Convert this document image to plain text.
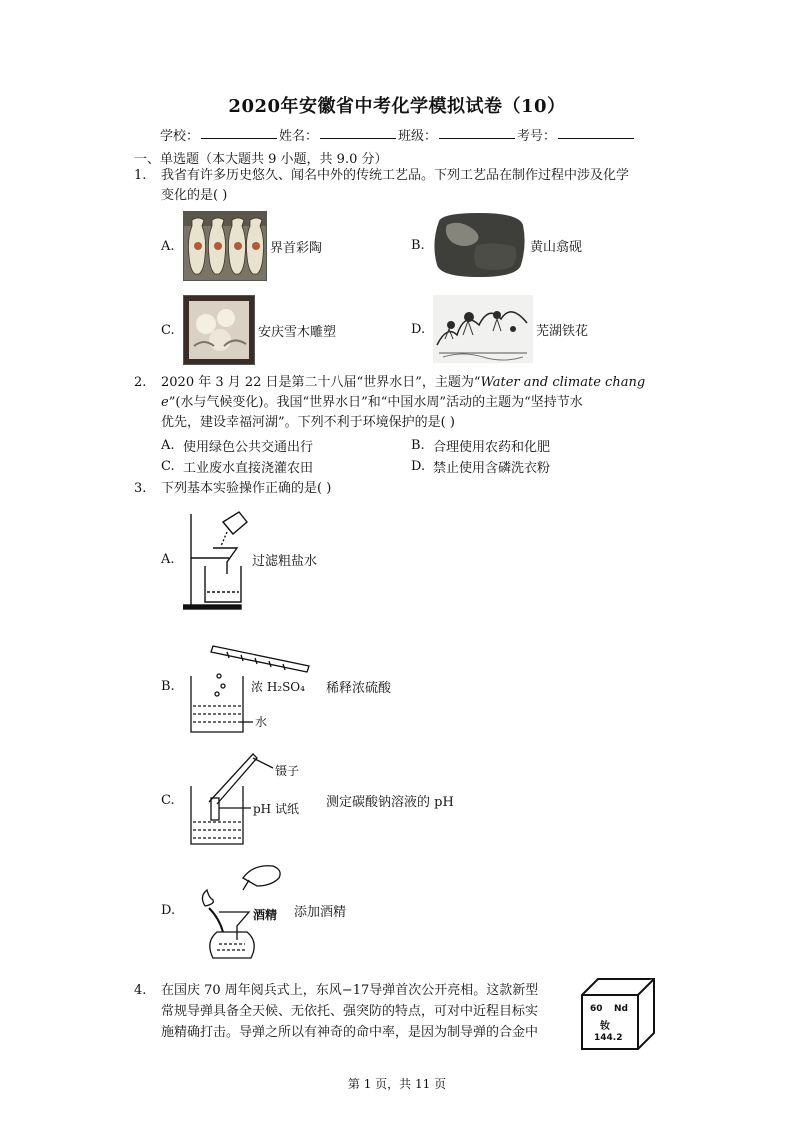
2020年安徽省中考化学模拟试卷（10）
学校：	姓名：	班级：	考号：
一、单选题（本大题共 9 小题，共 9.0 分）
1. 我省有许多历史悠久、闻名中外的传统工艺品。下列工艺品在制作过程中涉及化学
变化的是( )
A.	界首彩陶	B.	黄山翕砚
C.	安庆雪木雕塑	D.	芜湖铁花
2. 2020 年 3 月 22 日是第二十八届“世界水日”，主题为“Water and climate chang
e”(水与气候变化)。我国“世界水日”和“中国水周”活动的主题为“坚持节水
优先，建设幸福河湖”。下列不利于环境保护的是( )
A. 使用绿色公共交通出行	B. 合理使用农药和化肥
C. 工业废水直接浇灌农田	D. 禁止使用含磷洗衣粉
3. 下列基本实验操作正确的是( )
A.	过滤粗盐水
B.	浓 H₂SO₄
水
稀释浓硫酸
C.
镊子
pH 试纸 测定碳酸钠溶液的 pH
D.	酒精 添加酒精
4. 在国庆 70 周年阅兵式上，东风−17导弹首次公开亮相。这款新型
常规导弹具备全天候、无依托、强突防的特点，可对中近程目标实
施精确打击。导弹之所以有神奇的命中率，是因为制导弹的合金中
60 Nd
钕
144.2
第 1 页，共 11 页
